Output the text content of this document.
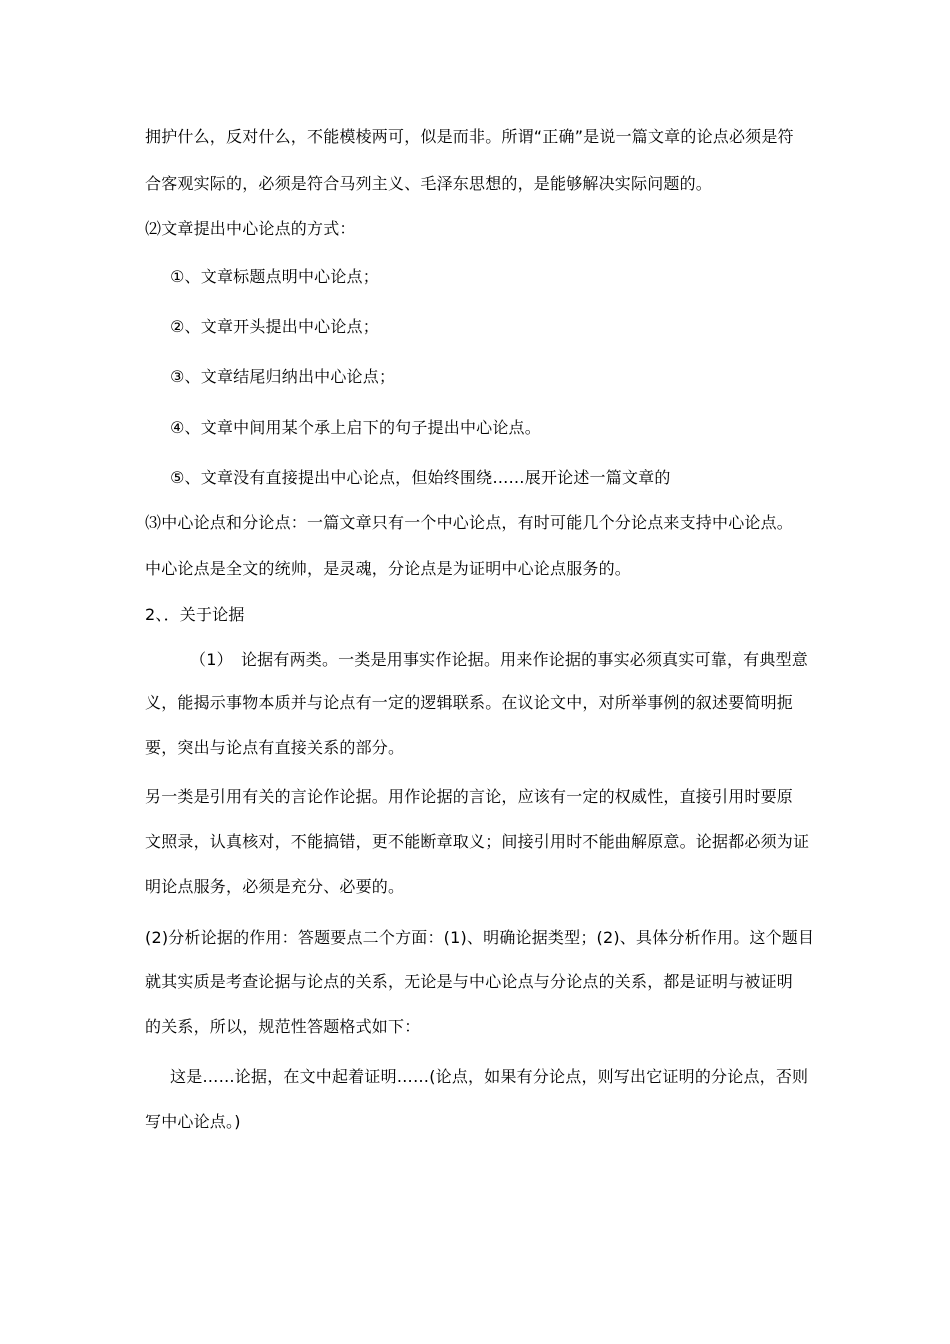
拥护什么，反对什么，不能模棱两可，似是而非。所谓“正确”是说一篇文章的论点必须是符
合客观实际的，必须是符合马列主义、毛泽东思想的，是能够解决实际问题的。
⑵文章提出中心论点的方式：
①、文章标题点明中心论点；
②、文章开头提出中心论点；
③、文章结尾归纳出中心论点；
④、文章中间用某个承上启下的句子提出中心论点。
⑤、文章没有直接提出中心论点，但始终围绕……展开论述一篇文章的
⑶中心论点和分论点：一篇文章只有一个中心论点，有时可能几个分论点来支持中心论点。
中心论点是全文的统帅，是灵魂，分论点是为证明中心论点服务的。
2、．关于论据
（1）　论据有两类。一类是用事实作论据。用来作论据的事实必须真实可靠，有典型意
义，能揭示事物本质并与论点有一定的逻辑联系。在议论文中，对所举事例的叙述要简明扼
要，突出与论点有直接关系的部分。
另一类是引用有关的言论作论据。用作论据的言论，应该有一定的权威性，直接引用时要原
文照录，认真核对，不能搞错，更不能断章取义；间接引用时不能曲解原意。论据都必须为证
明论点服务，必须是充分、必要的。
(2)分析论据的作用：答题要点二个方面：(1)、明确论据类型；(2)、具体分析作用。这个题目
就其实质是考查论据与论点的关系，无论是与中心论点与分论点的关系，都是证明与被证明
的关系，所以，规范性答题格式如下：
这是……论据，在文中起着证明……(论点，如果有分论点，则写出它证明的分论点，否则
写中心论点。)
